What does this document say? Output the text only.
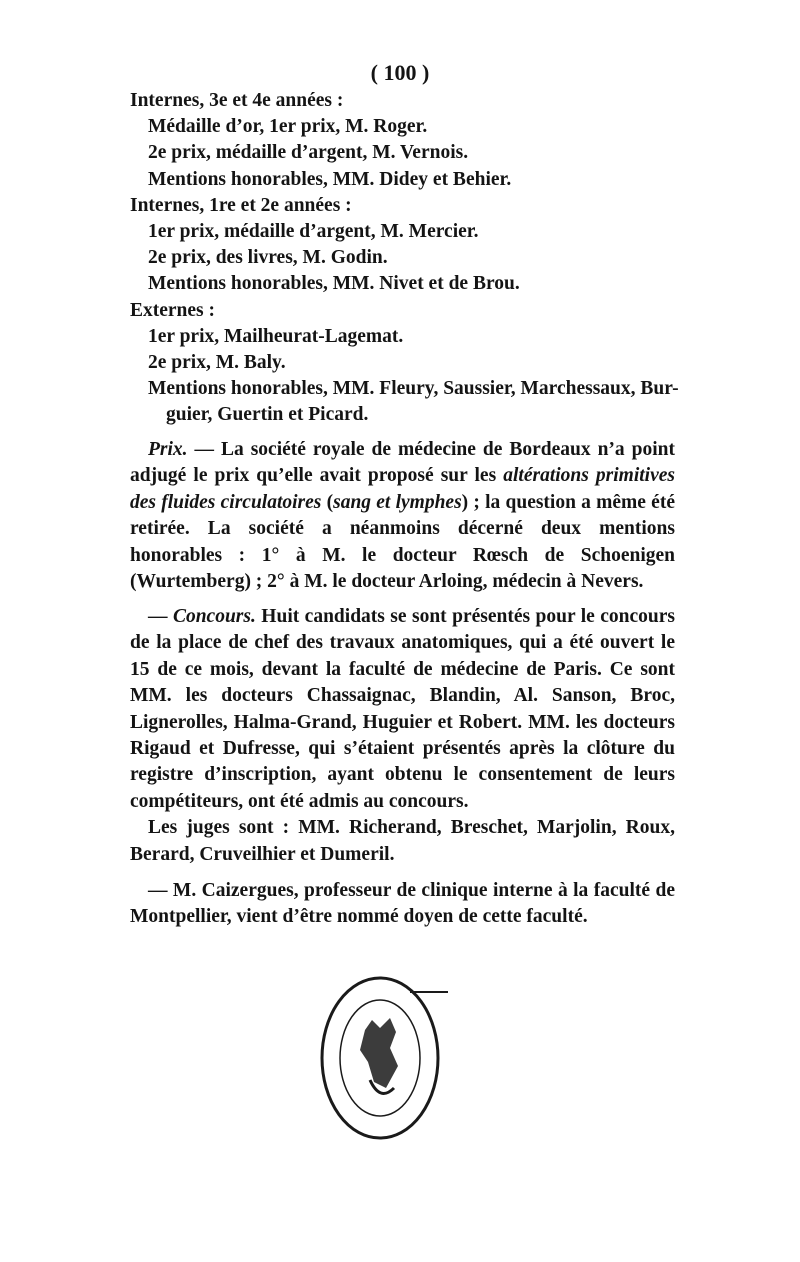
( 100 )
Internes, 3e et 4e années :
Médaille d’or, 1er prix, M. Roger.
2e prix, médaille d’argent, M. Vernois.
Mentions honorables, MM. Didey et Behier.
Internes, 1re et 2e années :
1er prix, médaille d’argent, M. Mercier.
2e prix, des livres, M. Godin.
Mentions honorables, MM. Nivet et de Brou.
Externes :
1er prix, Mailheurat-Lagemat.
2e prix, M. Baly.
Mentions honorables, MM. Fleury, Saussier, Marchessaux, Bur-
guier, Guertin et Picard.

Prix. — La société royale de médecine de Bordeaux n’a point adjugé le prix qu’elle avait proposé sur les altérations primitives des fluides circulatoires (sang et lymphes) ; la question a même été retirée. La société a néanmoins décerné deux mentions honorables : 1° à M. le docteur Rœsch de Schoenigen (Wurtemberg) ; 2° à M. le docteur Arloing, médecin à Nevers.

— Concours. Huit candidats se sont présentés pour le concours de la place de chef des travaux anatomiques, qui a été ouvert le 15 de ce mois, devant la faculté de médecine de Paris. Ce sont MM. les docteurs Chassaignac, Blandin, Al. Sanson, Broc, Lignerolles, Halma-Grand, Huguier et Robert. MM. les docteurs Rigaud et Dufresse, qui s’étaient présentés après la clôture du registre d’inscription, ayant obtenu le consentement de leurs compétiteurs, ont été admis au concours.

Les juges sont : MM. Richerand, Breschet, Marjolin, Roux, Berard, Cruveilhier et Dumeril.

— M. Caizergues, professeur de clinique interne à la faculté de Montpellier, vient d’être nommé doyen de cette faculté.
